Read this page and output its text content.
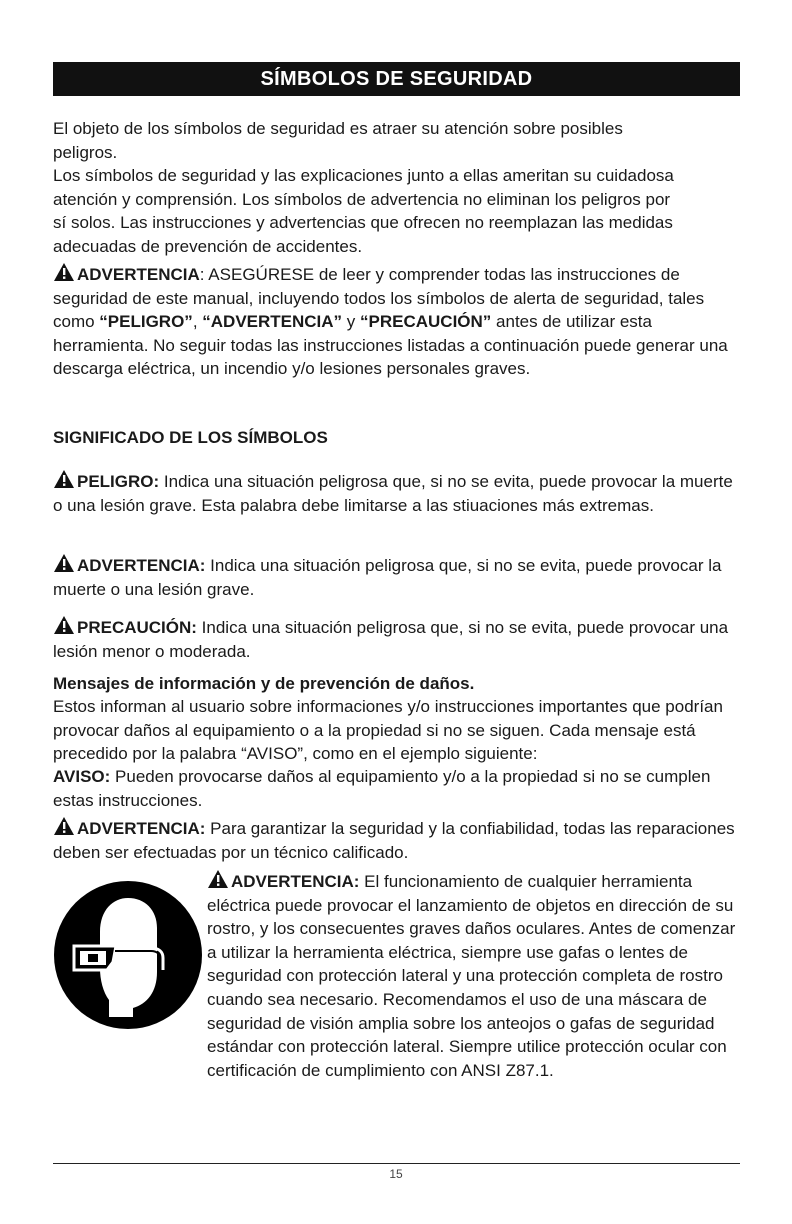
SÍMBOLOS DE SEGURIDAD
El objeto de los símbolos de seguridad es atraer su atención sobre posibles peligros.
Los símbolos de seguridad y las explicaciones junto a ellas ameritan su cuidadosa atención y comprensión. Los símbolos de advertencia no eliminan los peligros por sí solos. Las instrucciones y advertencias que ofrecen no reemplazan las medidas adecuadas de prevención de accidentes.
ADVERTENCIA: ASEGÚRESE de leer y comprender todas las instrucciones de seguridad de este manual, incluyendo todos los símbolos de alerta de seguridad, tales como “PELIGRO”, “ADVERTENCIA” y “PRECAUCIÓN” antes de utilizar esta herramienta. No seguir todas las instrucciones listadas a continuación puede generar una descarga eléctrica, un incendio y/o lesiones personales graves.
SIGNIFICADO DE LOS SÍMBOLOS
PELIGRO: Indica una situación peligrosa que, si no se evita, puede provocar la muerte o una lesión grave. Esta palabra debe limitarse a las stiuaciones más extremas.
ADVERTENCIA: Indica una situación peligrosa que, si no se evita, puede provocar la muerte o una lesión grave.
PRECAUCIÓN: Indica una situación peligrosa que, si no se evita, puede provocar una lesión menor o moderada.
Mensajes de información y de prevención de daños.
Estos informan al usuario sobre informaciones y/o instrucciones importantes que podrían provocar daños al equipamiento o a la propiedad si no se siguen. Cada mensaje está precedido por la palabra “AVISO”, como en el ejemplo siguiente:
AVISO: Pueden provocarse daños al equipamiento y/o a la propiedad si no se cumplen estas instrucciones.
ADVERTENCIA: Para garantizar la seguridad y la confiabilidad, todas las reparaciones deben ser efectuadas por un técnico calificado.
ADVERTENCIA: El funcionamiento de cualquier herramienta eléctrica puede provocar el lanzamiento de objetos en dirección de su rostro, y los consecuentes graves daños oculares. Antes de comenzar a utilizar la herramienta eléctrica, siempre use gafas o lentes de seguridad con protección lateral y una protección completa de rostro cuando sea necesario. Recomendamos el uso de una máscara de seguridad de visión amplia sobre los anteojos o gafas de seguridad estándar con protección lateral. Siempre utilice protección ocular con certificación de cumplimiento con ANSI Z87.1.
15
